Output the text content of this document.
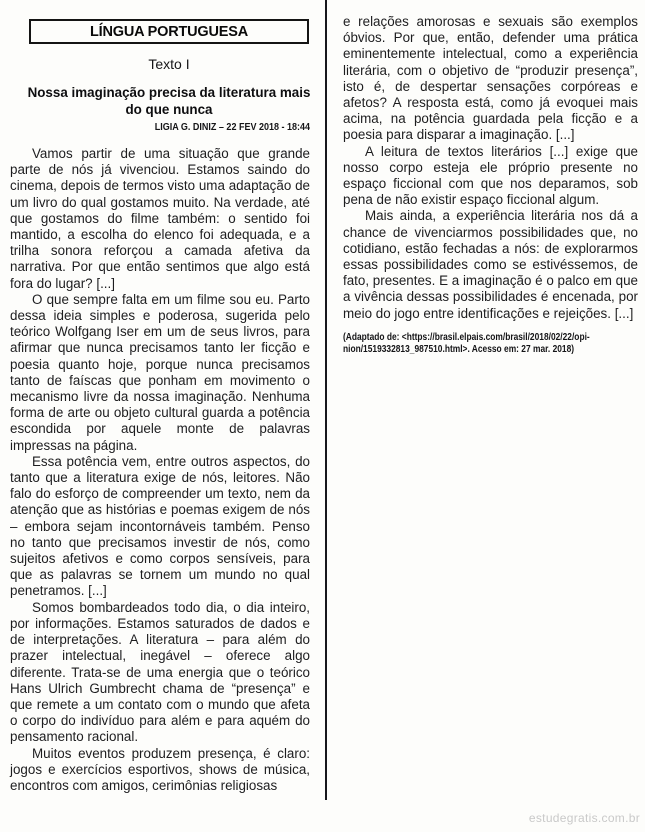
LÍNGUA PORTUGUESA
Texto I
Nossa imaginação precisa da literatura mais do que nunca
LIGIA G. DINIZ – 22 FEV 2018 - 18:44

Vamos partir de uma situação que grande parte de nós já vivenciou. Estamos saindo do cinema, depois de termos visto uma adaptação de um livro do qual gostamos muito. Na verdade, até que gostamos do filme também: o sentido foi mantido, a escolha do elenco foi adequada, e a trilha sonora reforçou a camada afetiva da narrativa. Por que então sentimos que algo está fora do lugar? [...]

O que sempre falta em um filme sou eu. Parto dessa ideia simples e poderosa, sugerida pelo teórico Wolfgang Iser em um de seus livros, para afirmar que nunca precisamos tanto ler ficção e poesia quanto hoje, porque nunca precisamos tanto de faíscas que ponham em movimento o mecanismo livre da nossa imaginação. Nenhuma forma de arte ou objeto cultural guarda a potência escondida por aquele monte de palavras impressas na página.

Essa potência vem, entre outros aspectos, do tanto que a literatura exige de nós, leitores. Não falo do esforço de compreender um texto, nem da atenção que as histórias e poemas exigem de nós – embora sejam incontornáveis também. Penso no tanto que precisamos investir de nós, como sujeitos afetivos e como corpos sensíveis, para que as palavras se tornem um mundo no qual penetramos. [...]

Somos bombardeados todo dia, o dia inteiro, por informações. Estamos saturados de dados e de interpretações. A literatura – para além do prazer intelectual, inegável – oferece algo diferente. Trata-se de uma energia que o teórico Hans Ulrich Gumbrecht chama de “presença” e que remete a um contato com o mundo que afeta o corpo do indivíduo para além e para aquém do pensamento racional.

Muitos eventos produzem presença, é claro: jogos e exercícios esportivos, shows de música, encontros com amigos, cerimônias religiosas

e relações amorosas e sexuais são exemplos óbvios. Por que, então, defender uma prática eminentemente intelectual, como a experiência literária, com o objetivo de “produzir presença”, isto é, de despertar sensações corpóreas e afetos? A resposta está, como já evoquei mais acima, na potência guardada pela ficção e a poesia para disparar a imaginação. [...]

A leitura de textos literários [...] exige que nosso corpo esteja ele próprio presente no espaço ficcional com que nos deparamos, sob pena de não existir espaço ficcional algum.

Mais ainda, a experiência literária nos dá a chance de vivenciarmos possibilidades que, no cotidiano, estão fechadas a nós: de explorarmos essas possibilidades como se estivéssemos, de fato, presentes. E a imaginação é o palco em que a vivência dessas possibilidades é encenada, por meio do jogo entre identificações e rejeições. [...]

(Adaptado de: <https://brasil.elpais.com/brasil/2018/02/22/opi-
nion/1519332813_987510.html>. Acesso em: 27 mar. 2018)
estudegratis.com.br
